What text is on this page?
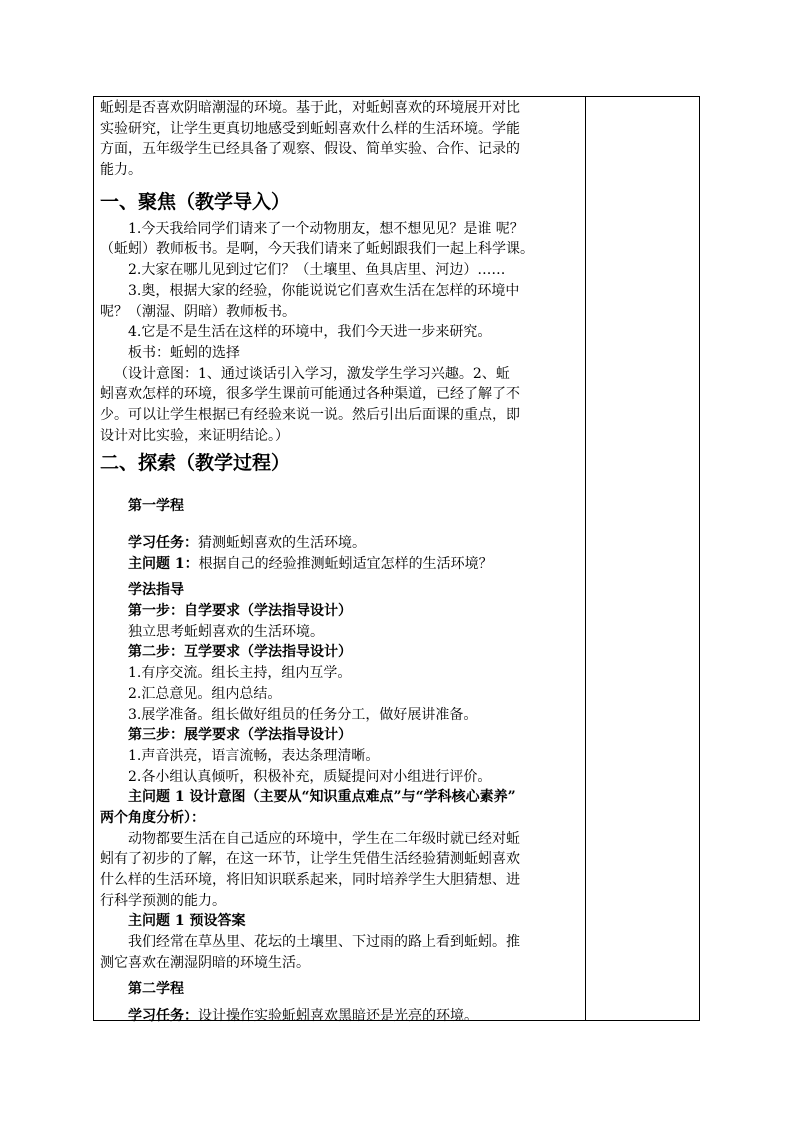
蚯蚓是否喜欢阴暗潮湿的环境。基于此，对蚯蚓喜欢的环境展开对比
实验研究，让学生更真切地感受到蚯蚓喜欢什么样的生活环境。学能
方面，五年级学生已经具备了观察、假设、简单实验、合作、记录的
能力。
一、聚焦（教学导入）
1.今天我给同学们请来了一个动物朋友，想不想见见？是谁 呢？
（蚯蚓）教师板书。是啊，今天我们请来了蚯蚓跟我们一起上科学课。
2.大家在哪儿见到过它们？（土壤里、鱼具店里、河边）……
3.奥，根据大家的经验，你能说说它们喜欢生活在怎样的环境中
呢？（潮湿、阴暗）教师板书。
4.它是不是生活在这样的环境中，我们今天进一步来研究。
板书：蚯蚓的选择
（设计意图：1、通过谈话引入学习，激发学生学习兴趣。2、蚯
蚓喜欢怎样的环境，很多学生课前可能通过各种渠道，已经了解了不
少。可以让学生根据已有经验来说一说。然后引出后面课的重点，即
设计对比实验，来证明结论。）
二、探索（教学过程）
第一学程
学习任务：猜测蚯蚓喜欢的生活环境。
主问题 1：根据自己的经验推测蚯蚓适宜怎样的生活环境？
学法指导
第一步：自学要求（学法指导设计）
独立思考蚯蚓喜欢的生活环境。
第二步：互学要求（学法指导设计）
1.有序交流。组长主持，组内互学。
2.汇总意见。组内总结。
3.展学准备。组长做好组员的任务分工，做好展讲准备。
第三步：展学要求（学法指导设计）
1.声音洪亮，语言流畅，表达条理清晰。
2.各小组认真倾听，积极补充，质疑提问对小组进行评价。
主问题 1 设计意图（主要从“知识重点难点”与“学科核心素养”
两个角度分析）：
动物都要生活在自己适应的环境中，学生在二年级时就已经对蚯
蚓有了初步的了解，在这一环节，让学生凭借生活经验猜测蚯蚓喜欢
什么样的生活环境，将旧知识联系起来，同时培养学生大胆猜想、进
行科学预测的能力。
主问题 1 预设答案
我们经常在草丛里、花坛的土壤里、下过雨的路上看到蚯蚓。推
测它喜欢在潮湿阴暗的环境生活。
第二学程
学习任务：设计操作实验蚯蚓喜欢黑暗还是光亮的环境。
